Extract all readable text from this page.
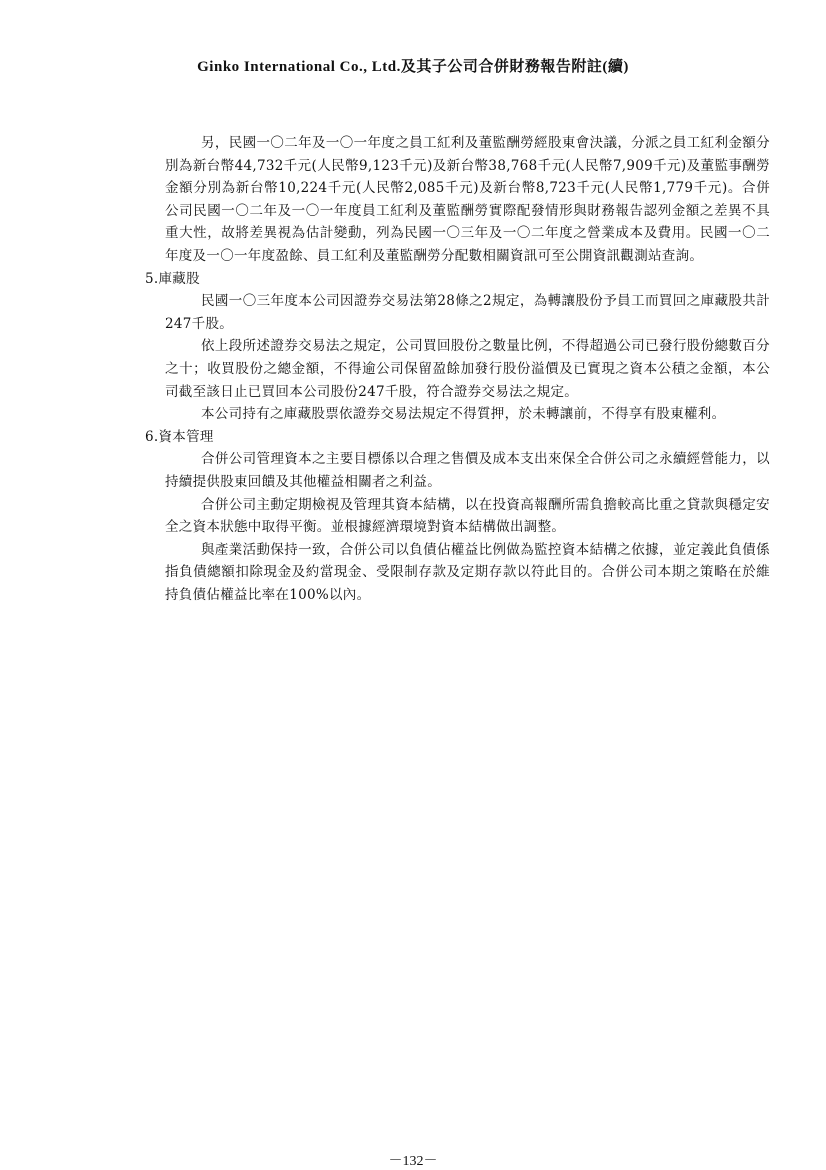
Ginko International Co., Ltd.及其子公司合併財務報告附註(續)

另，民國一〇二年及一〇一年度之員工紅利及董監酬勞經股東會決議，分派之員工紅利金額分別為新台幣44,732千元(人民幣9,123千元)及新台幣38,768千元(人民幣7,909千元)及董監事酬勞金額分別為新台幣10,224千元(人民幣2,085千元)及新台幣8,723千元(人民幣1,779千元)。合併公司民國一〇二年及一〇一年度員工紅利及董監酬勞實際配發情形與財務報告認列金額之差異不具重大性，故將差異視為估計變動，列為民國一〇三年及一〇二年度之營業成本及費用。民國一〇二年度及一〇一年度盈餘、員工紅利及董監酬勞分配數相關資訊可至公開資訊觀測站查詢。

5.庫藏股

民國一〇三年度本公司因證券交易法第28條之2規定，為轉讓股份予員工而買回之庫藏股共計247千股。

依上段所述證券交易法之規定，公司買回股份之數量比例，不得超過公司已發行股份總數百分之十；收買股份之總金額，不得逾公司保留盈餘加發行股份溢價及已實現之資本公積之金額，本公司截至該日止已買回本公司股份247千股，符合證券交易法之規定。

本公司持有之庫藏股票依證券交易法規定不得質押，於未轉讓前，不得享有股東權利。

6.資本管理

合併公司管理資本之主要目標係以合理之售價及成本支出來保全合併公司之永續經營能力，以持續提供股東回饋及其他權益相關者之利益。

合併公司主動定期檢視及管理其資本結構，以在投資高報酬所需負擔較高比重之貸款與穩定安全之資本狀態中取得平衡。並根據經濟環境對資本結構做出調整。

與產業活動保持一致，合併公司以負債佔權益比例做為監控資本結構之依據，並定義此負債係指負債總額扣除現金及約當現金、受限制存款及定期存款以符此目的。合併公司本期之策略在於維持負債佔權益比率在100%以內。

－132－
